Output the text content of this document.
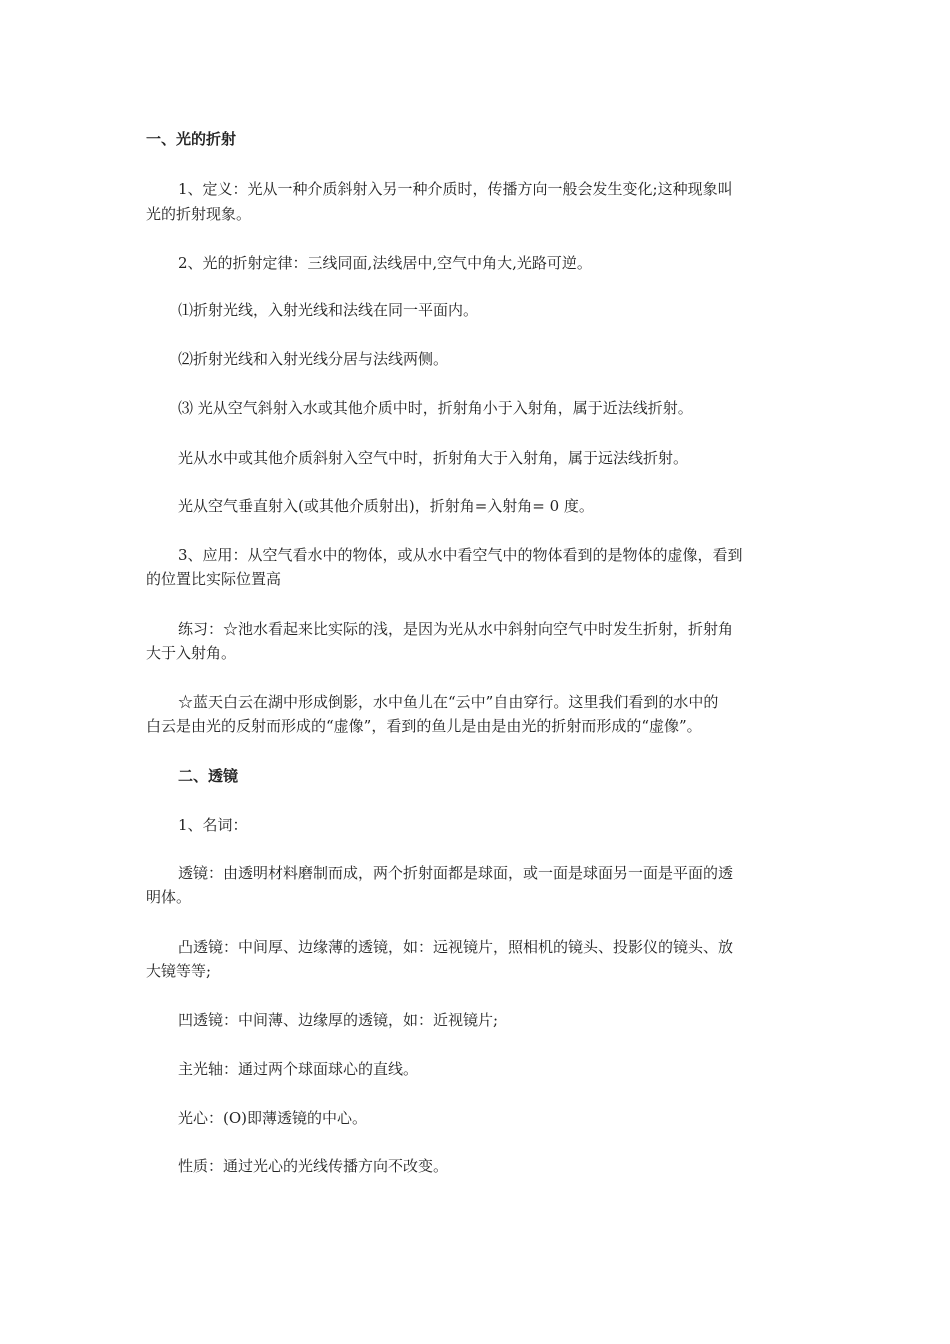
一、光的折射
1、定义：光从一种介质斜射入另一种介质时，传播方向一般会发生变化;这种现象叫
光的折射现象。
2、光的折射定律：三线同面,法线居中,空气中角大,光路可逆。
⑴折射光线，入射光线和法线在同一平面内。
⑵折射光线和入射光线分居与法线两侧。
⑶ 光从空气斜射入水或其他介质中时，折射角小于入射角，属于近法线折射。
光从水中或其他介质斜射入空气中时，折射角大于入射角，属于远法线折射。
光从空气垂直射入(或其他介质射出)，折射角=入射角= 0 度。
3、应用：从空气看水中的物体，或从水中看空气中的物体看到的是物体的虚像，看到
的位置比实际位置高
练习：☆池水看起来比实际的浅，是因为光从水中斜射向空气中时发生折射，折射角
大于入射角。
☆蓝天白云在湖中形成倒影，水中鱼儿在“云中”自由穿行。这里我们看到的水中的
白云是由光的反射而形成的“虚像”，看到的鱼儿是由是由光的折射而形成的“虚像”。
二、透镜
1、名词：
透镜：由透明材料磨制而成，两个折射面都是球面，或一面是球面另一面是平面的透
明体。
凸透镜：中间厚、边缘薄的透镜，如：远视镜片，照相机的镜头、投影仪的镜头、放
大镜等等;
凹透镜：中间薄、边缘厚的透镜，如：近视镜片;
主光轴：通过两个球面球心的直线。
光心：(O)即薄透镜的中心。
性质：通过光心的光线传播方向不改变。
